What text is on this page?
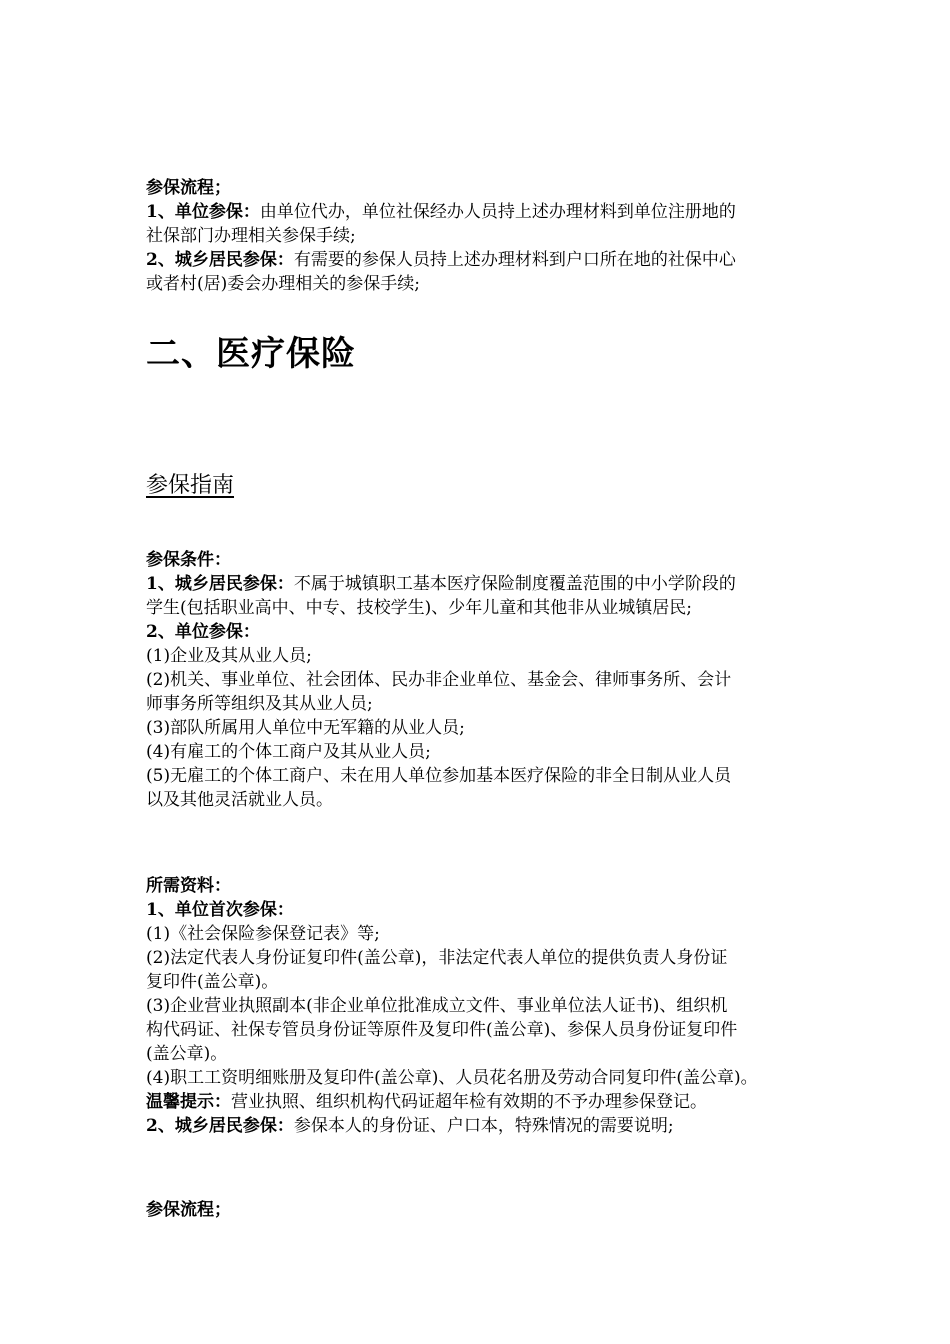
参保流程；
1、单位参保：由单位代办，单位社保经办人员持上述办理材料到单位注册地的
社保部门办理相关参保手续;
2、城乡居民参保：有需要的参保人员持上述办理材料到户口所在地的社保中心
或者村(居)委会办理相关的参保手续;
二、医疗保险
参保指南
参保条件：
1、城乡居民参保：不属于城镇职工基本医疗保险制度覆盖范围的中小学阶段的
学生(包括职业高中、中专、技校学生)、少年儿童和其他非从业城镇居民;
2、单位参保：
(1)企业及其从业人员;
(2)机关、事业单位、社会团体、民办非企业单位、基金会、律师事务所、会计
师事务所等组织及其从业人员;
(3)部队所属用人单位中无军籍的从业人员;
(4)有雇工的个体工商户及其从业人员;
(5)无雇工的个体工商户、未在用人单位参加基本医疗保险的非全日制从业人员
以及其他灵活就业人员。
所需资料：
1、单位首次参保：
(1)《社会保险参保登记表》等;
(2)法定代表人身份证复印件(盖公章)，非法定代表人单位的提供负责人身份证
复印件(盖公章)。
(3)企业营业执照副本(非企业单位批准成立文件、事业单位法人证书)、组织机
构代码证、社保专管员身份证等原件及复印件(盖公章)、参保人员身份证复印件
(盖公章)。
(4)职工工资明细账册及复印件(盖公章)、人员花名册及劳动合同复印件(盖公章)。
温馨提示：营业执照、组织机构代码证超年检有效期的不予办理参保登记。
2、城乡居民参保：参保本人的身份证、户口本，特殊情况的需要说明;
参保流程；
